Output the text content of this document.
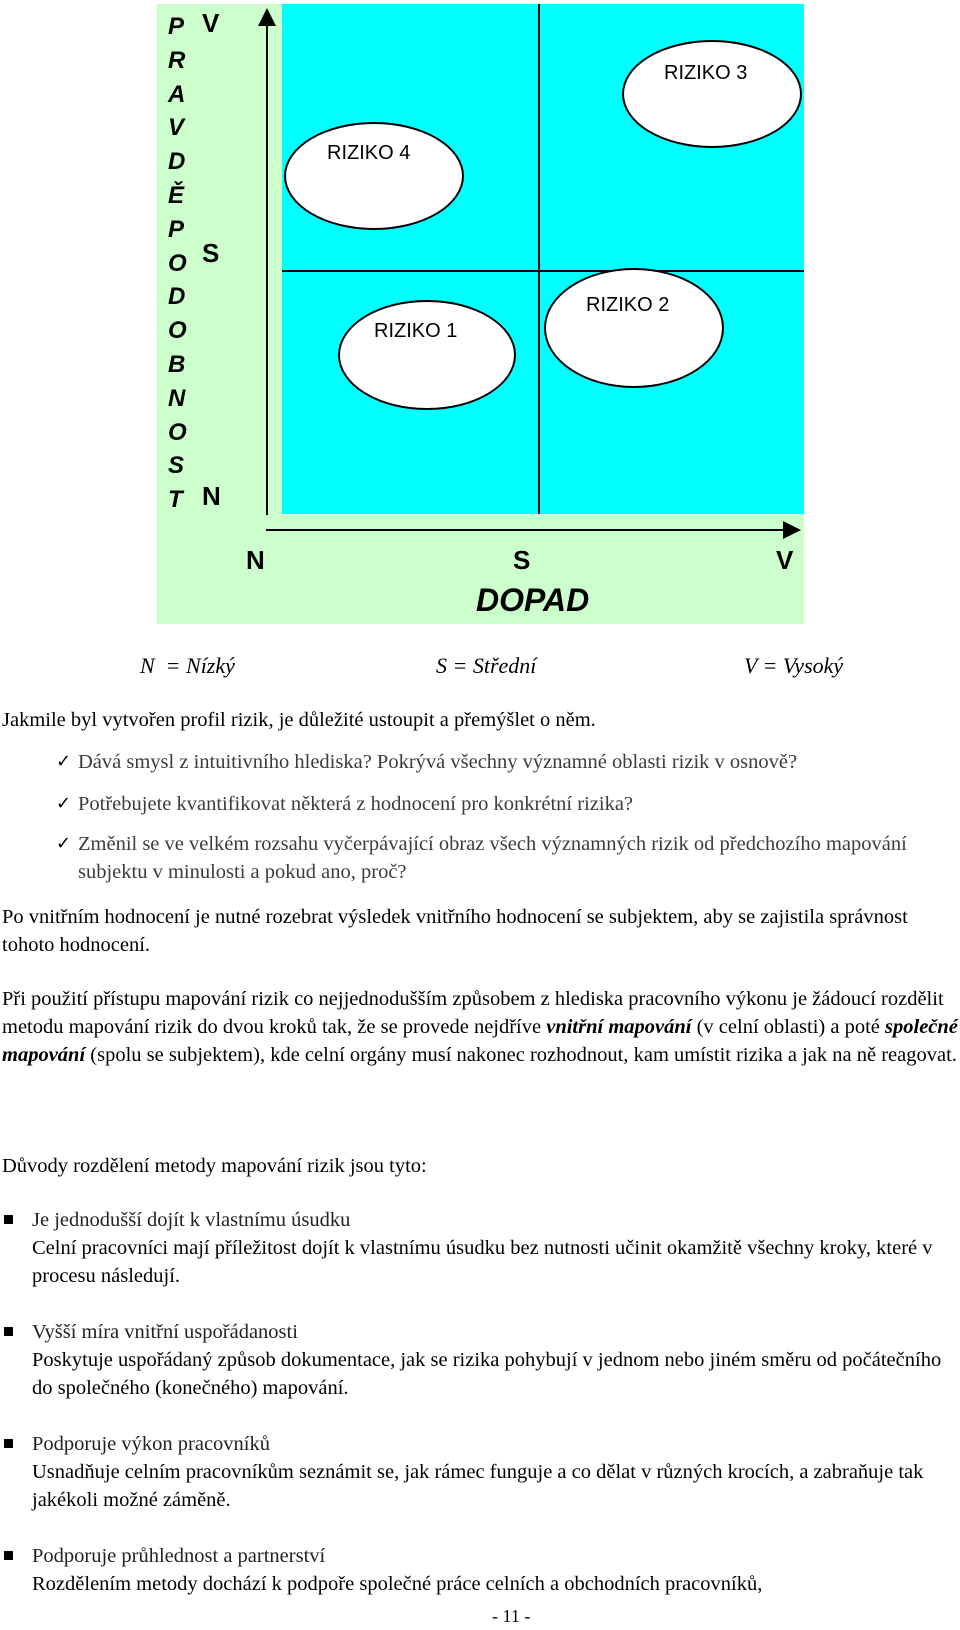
P
R
A
V
D
Ě
P
O
D
O
B
N
O
S
T
V
S
N
N	S	V
DOPAD
RIZIKO 4
RIZIKO 3
RIZIKO 1
RIZIKO 2
N  = Nízký	S = Střední	V = Vysoký
Jakmile byl vytvořen profil rizik, je důležité ustoupit a přemýšlet o něm.
✓ Dává smysl z intuitivního hlediska? Pokrývá všechny významné oblasti rizik v osnově?
✓ Potřebujete kvantifikovat některá z hodnocení pro konkrétní rizika?
✓ Změnil se ve velkém rozsahu vyčerpávající obraz všech významných rizik od předchozího mapování subjektu v minulosti a pokud ano, proč?
Po vnitřním hodnocení je nutné rozebrat výsledek vnitřního hodnocení se subjektem, aby se zajistila správnost tohoto hodnocení.
Při použití přístupu mapování rizik co nejjednodušším způsobem z hlediska pracovního výkonu je žádoucí rozdělit metodu mapování rizik do dvou kroků tak, že se provede nejdříve vnitřní mapování (v celní oblasti) a poté společné mapování (spolu se subjektem), kde celní orgány musí nakonec rozhodnout, kam umístit rizika a jak na ně reagovat.
Důvody rozdělení metody mapování rizik jsou tyto:
Je jednodušší dojít k vlastnímu úsudku
Celní pracovníci mají příležitost dojít k vlastnímu úsudku bez nutnosti učinit okamžitě všechny kroky, které v procesu následují.
Vyšší míra vnitřní uspořádanosti
Poskytuje uspořádaný způsob dokumentace, jak se rizika pohybují v jednom nebo jiném směru od počátečního do společného (konečného) mapování.
Podporuje výkon pracovníků
Usnadňuje celním pracovníkům seznámit se, jak rámec funguje a co dělat v různých krocích, a zabraňuje tak jakékoli možné záměně.
Podporuje průhlednost a partnerství
Rozdělením metody dochází k podpoře společné práce celních a obchodních pracovníků,
- 11 -
